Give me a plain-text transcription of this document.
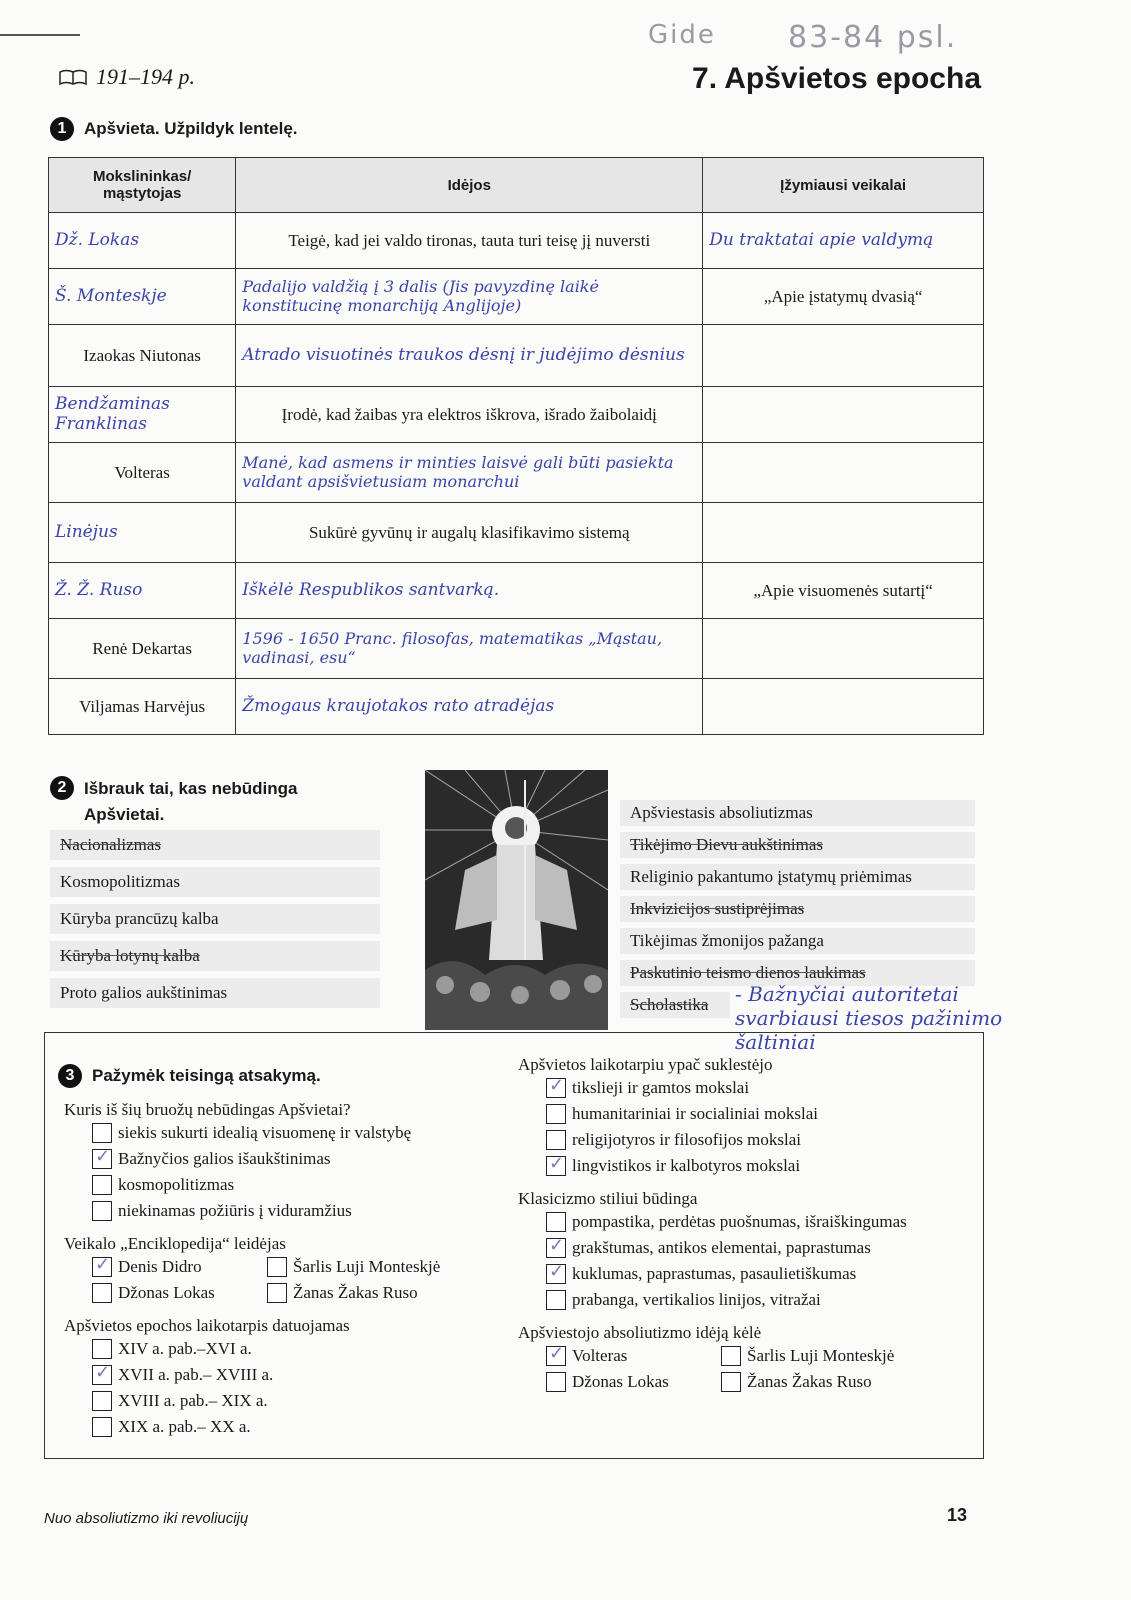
Gide 83-84 psl.
191–194 p.	7. Apšvietos epocha
1	Apšvieta. Užpildyk lentelę.
Mokslininkas/ mąstytojas	Idėjos	Įžymiausi veikalai
Dž. Lokas	Teigė, kad jei valdo tironas, tauta turi teisę jį nuversti	Du traktatai apie valdymą
Š. Monteskje	Padalijo valdžią į 3 dalis (Jis pavyzdinę laikė konstitucinę monarchiją Anglijoje)	„Apie įstatymų dvasią“
Izaokas Niutonas	Atrado visuotinės traukos dėsnį ir judėjimo dėsnius	
Bendžaminas Franklinas	Įrodė, kad žaibas yra elektros iškrova, išrado žaibolaidį	
Volteras	Manė, kad asmens ir minties laisvė gali būti pasiekta valdant apsišvietusiam monarchui	
Linėjus	Sukūrė gyvūnų ir augalų klasifikavimo sistemą	
Ž. Ž. Ruso	Iškėlė Respublikos santvarką.	„Apie visuomenės sutartį“
Renė Dekartas	1596 - 1650 Pranc. filosofas, matematikas „Mąstau, vadinasi, esu“	
Viljamas Harvėjus	Žmogaus kraujotakos rato atradėjas	
2	Išbrauk tai, kas nebūdinga
Apšvietai.
Nacionalizmas
Kosmopolitizmas
Kūryba prancūzų kalba
Kūryba lotynų kalba
Proto galios aukštinimas
Apšviestasis absoliutizmas
Tikėjimo Dievu aukštinimas
Religinio pakantumo įstatymų priėmimas
Inkvizicijos sustiprėjimas
Tikėjimas žmonijos pažanga
Paskutinio teismo dienos laukimas
Scholastika	- Bažnyčiai autoritetai svarbiausi tiesos pažinimo šaltiniai
3	Pažymėk teisingą atsakymą.
Kuris iš šių bruožų nebūdingas Apšvietai?
siekis sukurti idealią visuomenę ir valstybę
✓
Bažnyčios galios išaukštinimas
kosmopolitizmas
niekinamas požiūris į viduramžius
Veikalo „Enciklopedija“ leidėjas
✓
Denis Didro	Šarlis Luji Monteskjė
Džonas Lokas	Žanas Žakas Ruso
Apšvietos epochos laikotarpis datuojamas
XIV a. pab.–XVI a.
✓
XVII a. pab.– XVIII a.
XVIII a. pab.– XIX a.
XIX a. pab.– XX a.
Apšvietos laikotarpiu ypač suklestėjo
✓
tikslieji ir gamtos mokslai
humanitariniai ir socialiniai mokslai
religijotyros ir filosofijos mokslai
✓
lingvistikos ir kalbotyros mokslai
Klasicizmo stiliui būdinga
pompastika, perdėtas puošnumas, išraiškingumas
✓
grakštumas, antikos elementai, paprastumas
✓
kuklumas, paprastumas, pasaulietiškumas
prabanga, vertikalios linijos, vitražai
Apšviestojo absoliutizmo idėją kėlė
✓
Volteras	Šarlis Luji Monteskjė
Džonas Lokas	Žanas Žakas Ruso
Nuo absoliutizmo iki revoliucijų	13
